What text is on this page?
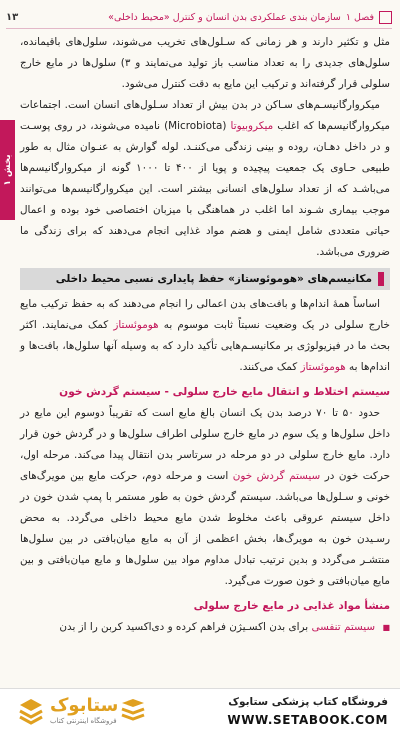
فصل ۱
سازمان بندی عملکردی بدن انسان و کنترل «محیط داخلی»
۱۳
بخش ۱

مثل و تکثیر دارند و هر زمانی که سـلول‌های تخریب می‌شوند، سلول‌های باقیمانده، سلول‌های جدیدی را به تعداد مناسب باز تولید می‌نمایند و ۳) سلول‌ها در مایع خارج سلولی قرار گرفته‌اند و ترکیب این مایع به دقت کنترل می‌شود.

میکروارگانیسـم‌های سـاکن در بدن بیش از تعداد سـلول‌های انسان است. اجتماعات میکروارگانیسم‌ها که اغلب میکروبیوتا (Microbiota) نامیده می‌شوند، در روی پوسـت و در داخل دهـان، روده و بینی زندگی می‌کننـد. لوله گوارش به عنـوان مثال به طور طبیعی حـاوی یک جمعیت پیچیده و پویا از ۴۰۰ تا ۱۰۰۰ گونه از میکروارگانیسم‌ها می‌باشـد که از تعداد سلول‌های انسانی بیشتر است. این میکروارگانیسم‌ها می‌توانند موجب بیماری شـوند اما اغلب در هماهنگی با میزبان اختصاصی خود بوده و اعمال حیاتی متعددی شامل ایمنی و هضم مواد غذایی انجام می‌دهند که برای زندگی ما ضروری می‌باشد.

مکانیسم‌های «هوموئوستاز» حفظ پایداری نسبی محیط داخلی

اساساً همهٔ اندام‌ها و بافت‌های بدن اعمالی را انجام می‌دهند که به حفظ ترکیب مایع خارج سلولی در یک وضعیت نسبتاً ثابت موسوم به هوموئستاز کمک می‌نمایند. اکثر بحث ما در فیزیولوژی بر مکانیسـم‌هایی تأکید دارد که به وسیله آنها سلول‌ها، بافت‌ها و اندام‌ها به هوموئستاز کمک می‌کنند.

سیستم اختلاط و انتقال مایع خارج سلولی - سیستم گردش خون

حدود ۵۰ تا ۷۰ درصد بدن یک انسان بالغ مایع است که تقریباً دوسوم این مایع در داخل سلول‌ها و یک سوم در مایع خارج سلولی اطراف سلول‌ها و در گردش خون قرار دارد. مایع خارج سلولی در دو مرحله در سرتاسر بدن انتقال پیدا می‌کند. مرحله اول، حرکت خون در سیستم گردش خون است و مرحله دوم، حرکت مایع بین مویرگ‌های خونی و سـلول‌ها می‌باشد. سیستم گردش خون به طور مستمر با پمپ شدن خون در داخل سیستم عروقی باعث مخلوط شدن مایع محیط داخلی می‌گردد. به محض رسـیدن خون به مویرگ‌ها، بخش اعظمی از آن به مایع میان‌بافتی در بین سلول‌ها منتشـر می‌گردد و بدین ترتیب تبادل مداوم مواد بین سلول‌ها و مایع میان‌بافتی و بین مایع میان‌بافتی و خون صورت می‌گیرد.

منشأ مواد غذایی در مایع خارج سلولی

■ سیستم تنفسی برای بدن اکسـیژن فراهم کرده و دی‌اکسید کربن را از بدن

ستابوک
فروشگاه اینترنتی کتاب
فروشگاه کتاب پزشکی ستابوک
WWW.SETABOOK.COM
